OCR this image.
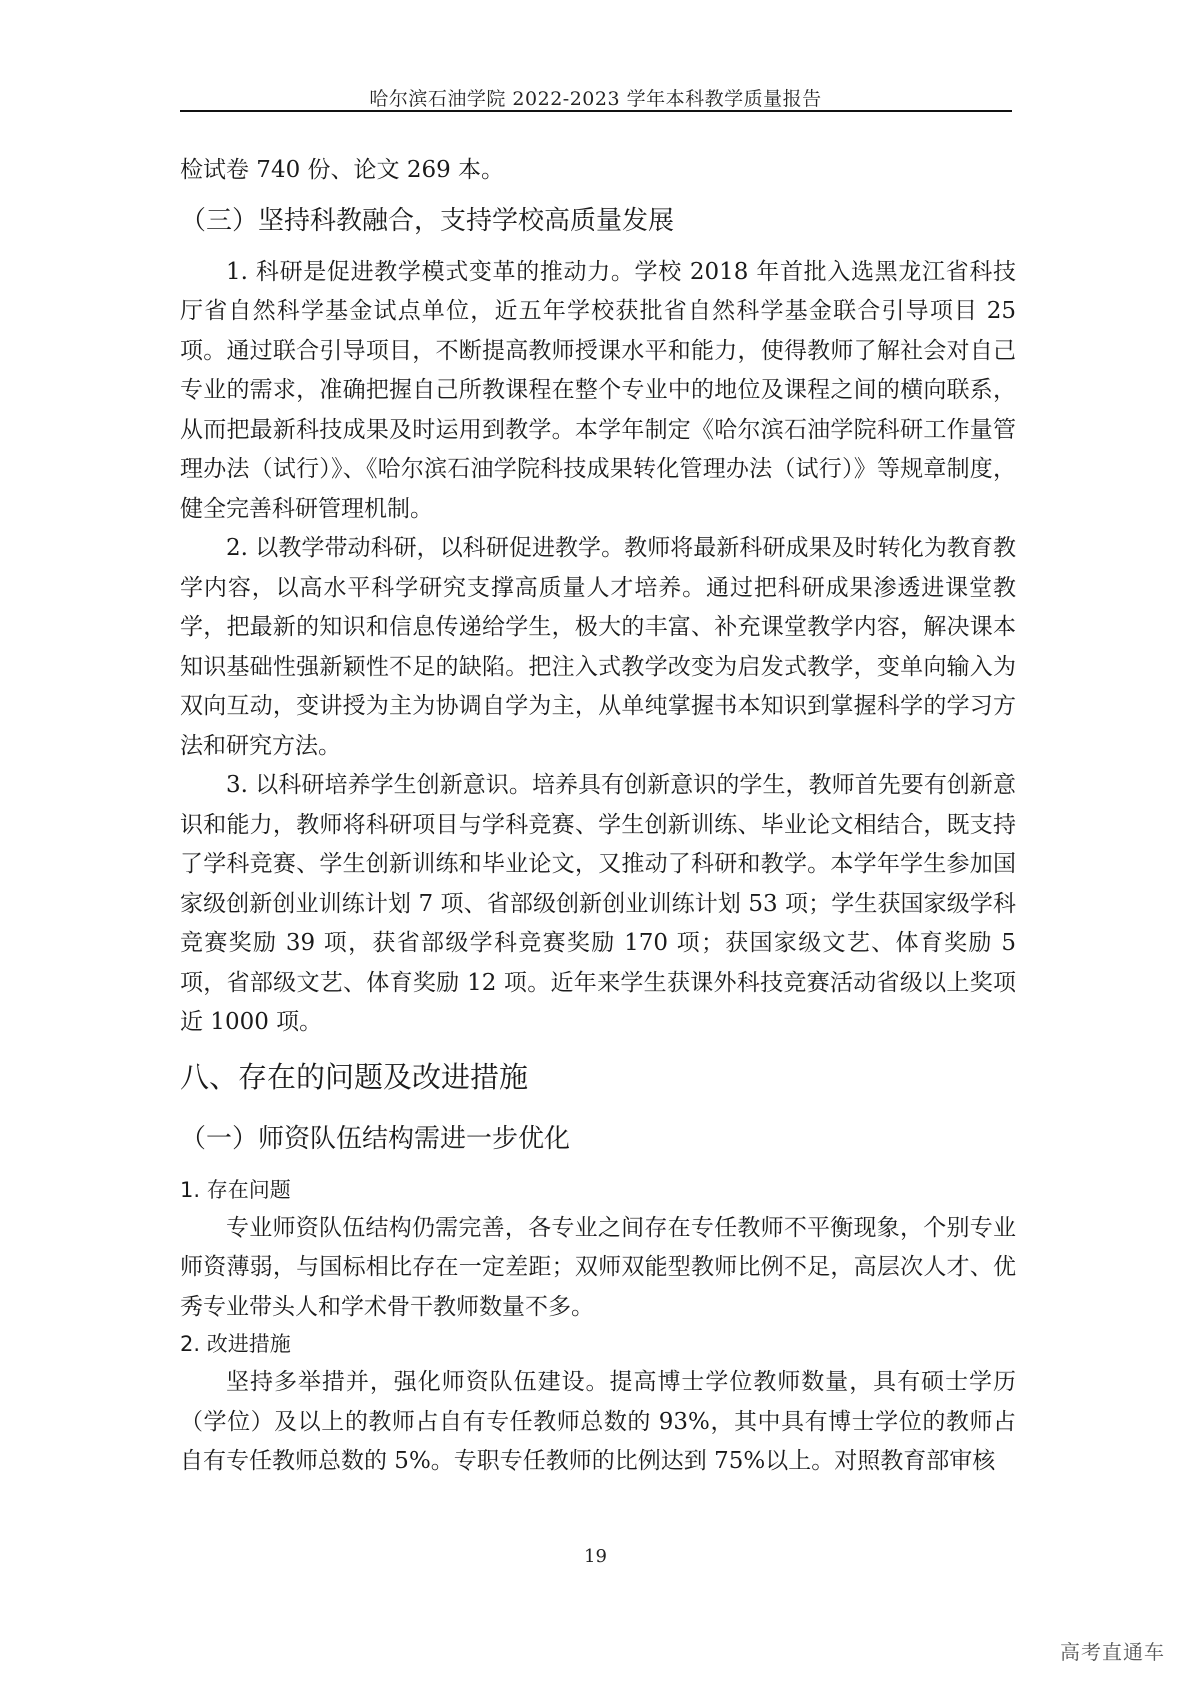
哈尔滨石油学院 2022-2023 学年本科教学质量报告

检试卷 740 份、论文 269 本。

（三）坚持科教融合，支持学校高质量发展

1. 科研是促进教学模式变革的推动力。学校 2018 年首批入选黑龙江省科技厅省自然科学基金试点单位，近五年学校获批省自然科学基金联合引导项目 25 项。通过联合引导项目，不断提高教师授课水平和能力，使得教师了解社会对自己专业的需求，准确把握自己所教课程在整个专业中的地位及课程之间的横向联系，从而把最新科技成果及时运用到教学。本学年制定《哈尔滨石油学院科研工作量管理办法（试行）》、《哈尔滨石油学院科技成果转化管理办法（试行）》等规章制度，健全完善科研管理机制。

2. 以教学带动科研，以科研促进教学。教师将最新科研成果及时转化为教育教学内容，以高水平科学研究支撑高质量人才培养。通过把科研成果渗透进课堂教学，把最新的知识和信息传递给学生，极大的丰富、补充课堂教学内容，解决课本知识基础性强新颖性不足的缺陷。把注入式教学改变为启发式教学，变单向输入为双向互动，变讲授为主为协调自学为主，从单纯掌握书本知识到掌握科学的学习方法和研究方法。

3. 以科研培养学生创新意识。培养具有创新意识的学生，教师首先要有创新意识和能力，教师将科研项目与学科竞赛、学生创新训练、毕业论文相结合，既支持了学科竞赛、学生创新训练和毕业论文，又推动了科研和教学。本学年学生参加国家级创新创业训练计划 7 项、省部级创新创业训练计划 53 项；学生获国家级学科竞赛奖励 39 项，获省部级学科竞赛奖励 170 项；获国家级文艺、体育奖励 5 项，省部级文艺、体育奖励 12 项。近年来学生获课外科技竞赛活动省级以上奖项近 1000 项。

八、存在的问题及改进措施
（一）师资队伍结构需进一步优化
1. 存在问题

专业师资队伍结构仍需完善，各专业之间存在专任教师不平衡现象，个别专业师资薄弱，与国标相比存在一定差距；双师双能型教师比例不足，高层次人才、优秀专业带头人和学术骨干教师数量不多。

2. 改进措施

坚持多举措并，强化师资队伍建设。提高博士学位教师数量，具有硕士学历（学位）及以上的教师占自有专任教师总数的 93%，其中具有博士学位的教师占自有专任教师总数的 5%。专职专任教师的比例达到 75%以上。对照教育部审核

19
高考直通车
